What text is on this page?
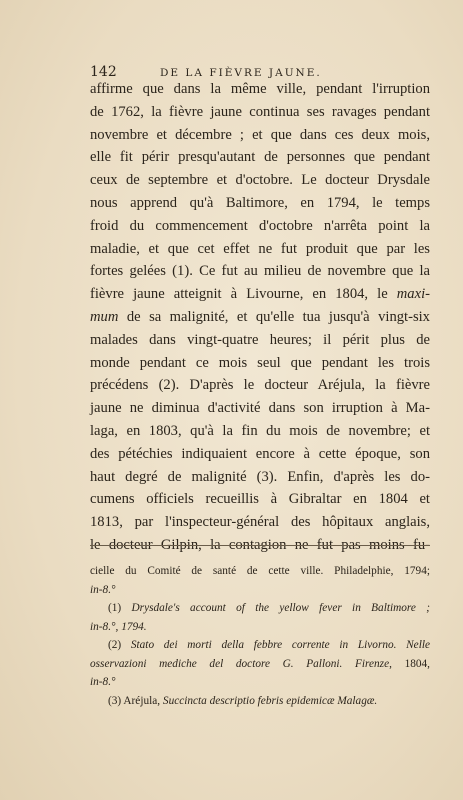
142	DE LA FIÈVRE JAUNE.
affirme que dans la même ville, pendant l'irruption
de 1762, la fièvre jaune continua ses ravages pendant
novembre et décembre ; et que dans ces deux mois,
elle fit périr presqu'autant de personnes que pendant
ceux de septembre et d'octobre. Le docteur Drysdale
nous apprend qu'à Baltimore, en 1794, le temps
froid du commencement d'octobre n'arrêta point la
maladie, et que cet effet ne fut produit que par les
fortes gelées (1). Ce fut au milieu de novembre que la
fièvre jaune atteignit à Livourne, en 1804, le maxi-
mum de sa malignité, et qu'elle tua jusqu'à vingt-six
malades dans vingt-quatre heures; il périt plus de
monde pendant ce mois seul que pendant les trois
précédens (2). D'après le docteur Aréjula, la fièvre
jaune ne diminua d'activité dans son irruption à Ma-
laga, en 1803, qu'à la fin du mois de novembre; et
des pétéchies indiquaient encore à cette époque, son
haut degré de malignité (3). Enfin, d'après les do-
cumens officiels recueillis à Gibraltar en 1804 et
1813, par l'inspecteur-général des hôpitaux anglais,
le docteur Gilpin, la contagion ne fut pas moins fu-
cielle du Comité de santé de cette ville. Philadelphie, 1794;
in-8.°
(1) Drysdale's account of the yellow fever in Baltimore ;
in-8.°, 1794.
(2) Stato dei morti della febbre corrente in Livorno. Nelle
osservazioni mediche del doctore G. Palloni. Firenze, 1804,
in-8.°
(3) Aréjula, Succincta descriptio febris epidemicæ Malagæ.
